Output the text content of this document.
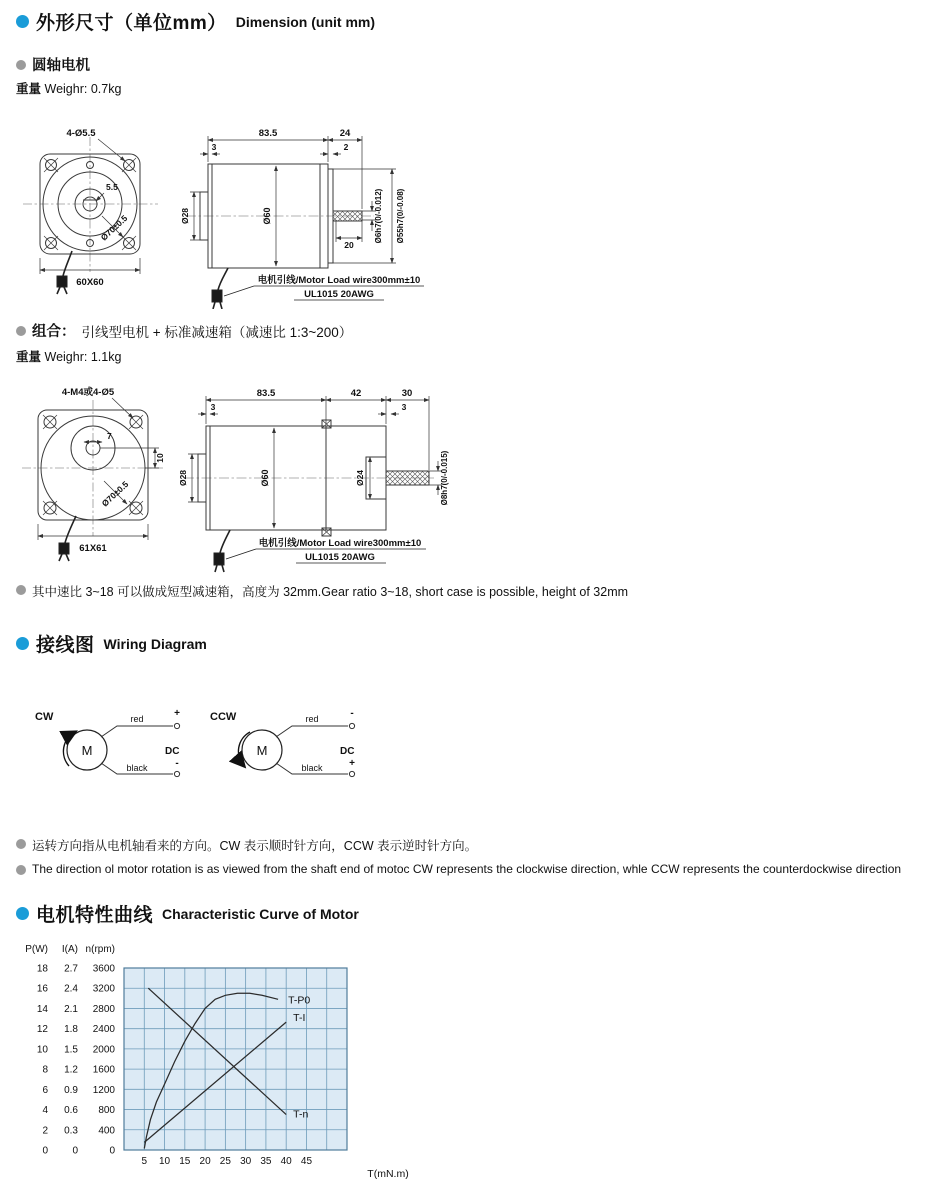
外形尺寸（单位mm） Dimension (unit mm)
圆轴电机
重量 Weighr: 0.7kg
4-Ø5.5
5.5
Ø70±0.5
60X60
83.5	24
3	2
Ø28	Ø60	Ø6h7(0/-0.012) Ø55h7(0/-0.08)
20
电机引线/Motor Load wire300mm±10
UL1015 20AWG
组合： 引线型电机 + 标准减速箱（减速比 1:3~200）
重量 Weighr: 1.1kg
4-M4或4-Ø5
7
10
Ø70±0.5
61X61
83.5	42	30
3	3
Ø28	Ø60	Ø24	Ø8h7(0/-0.015)
电机引线/Motor Load wire300mm±10
UL1015 20AWG
其中速比 3~18 可以做成短型减速箱，高度为 32mm.Gear ratio 3~18, short case is possible, height of 32mm
接线图 Wiring Diagram
CW
M
red	+
black	-
DC
CCW
M
red	-
black	+
DC
运转方向指从电机轴看来的方向。CW 表示顺时针方向，CCW 表示逆时针方向。
The direction ol motor rotation is as viewed from the shaft end of motoc CW represents the clockwise direction, whle CCW represents the counterdockwise direction
电机特性曲线 Characteristic Curve of Motor
T-n
T-I
T-P0
5 10 15 20 25 30 35 40 45
T(mN.m)
P(W)
18
16
14
12
10
8
6
4
2
0
I(A)
2.7
2.4
2.1
1.8
1.5
1.2
0.9
0.6
0.3
0
n(rpm)
3600
3200
2800
2400
2000
1600
1200
800
400
0
